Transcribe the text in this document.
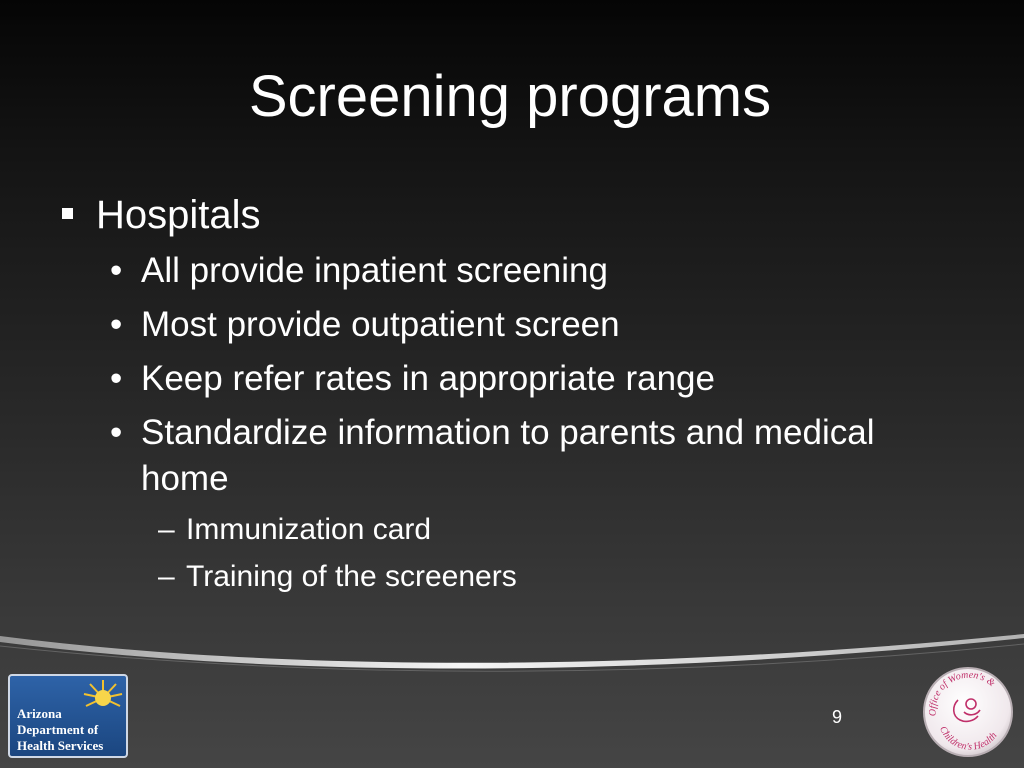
Screening programs
Hospitals
• All provide inpatient screening
• Most provide outpatient screen
• Keep refer rates in appropriate range
• Standardize information to parents and medical home
– Immunization card
– Training of the screeners
Arizona
Department of
Health Services
9	Office of Women's &
Children's Health
